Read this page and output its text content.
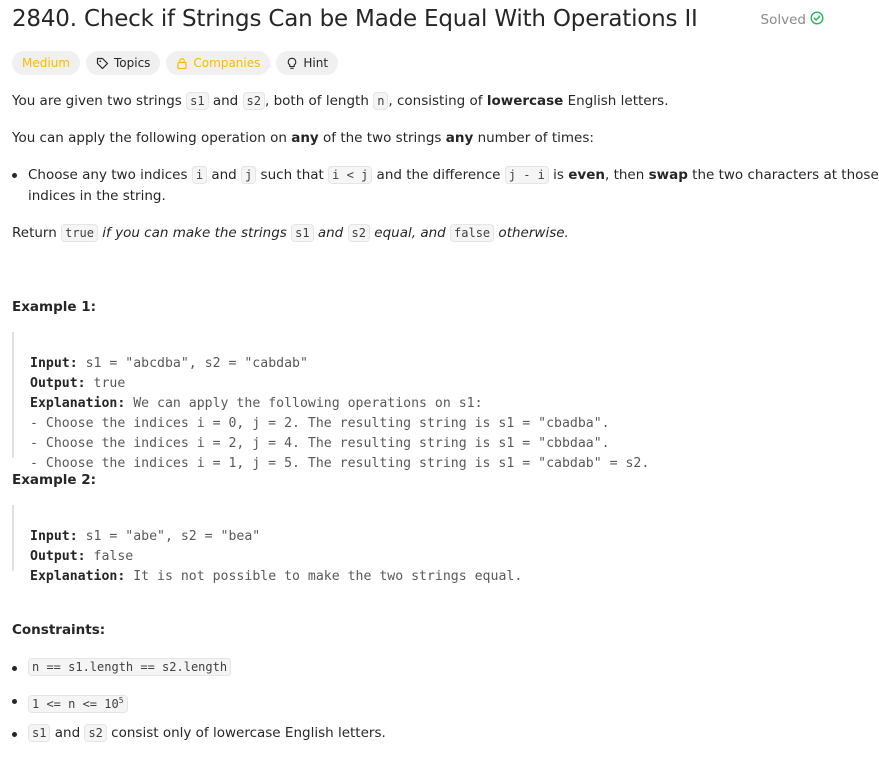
2840. Check if Strings Can be Made Equal With Operations II	Solved
Medium	Topics	Companies	Hint
You are given two strings s1 and s2 , both of length n , consisting of lowercase English letters.
You can apply the following operation on any of the two strings any number of times:
Choose any two indices i and j such that i < j and the difference j - i is even, then swap the two characters at those
indices in the string.
Return true if you can make the strings s1 and s2 equal, and false otherwise.
Example 1:

Input: s1 = "abcdba", s2 = "cabdab"
Output: true
Explanation: We can apply the following operations on s1:
- Choose the indices i = 0, j = 2. The resulting string is s1 = "cbadba".
- Choose the indices i = 2, j = 4. The resulting string is s1 = "cbbdaa".
- Choose the indices i = 1, j = 5. The resulting string is s1 = "cabdab" = s2.
Example 2:

Input: s1 = "abe", s2 = "bea"
Output: false
Explanation: It is not possible to make the two strings equal.
Constraints:
n == s1.length == s2.length
$1 <= n <= 10^5$
s1 and s2 consist only of lowercase English letters.
